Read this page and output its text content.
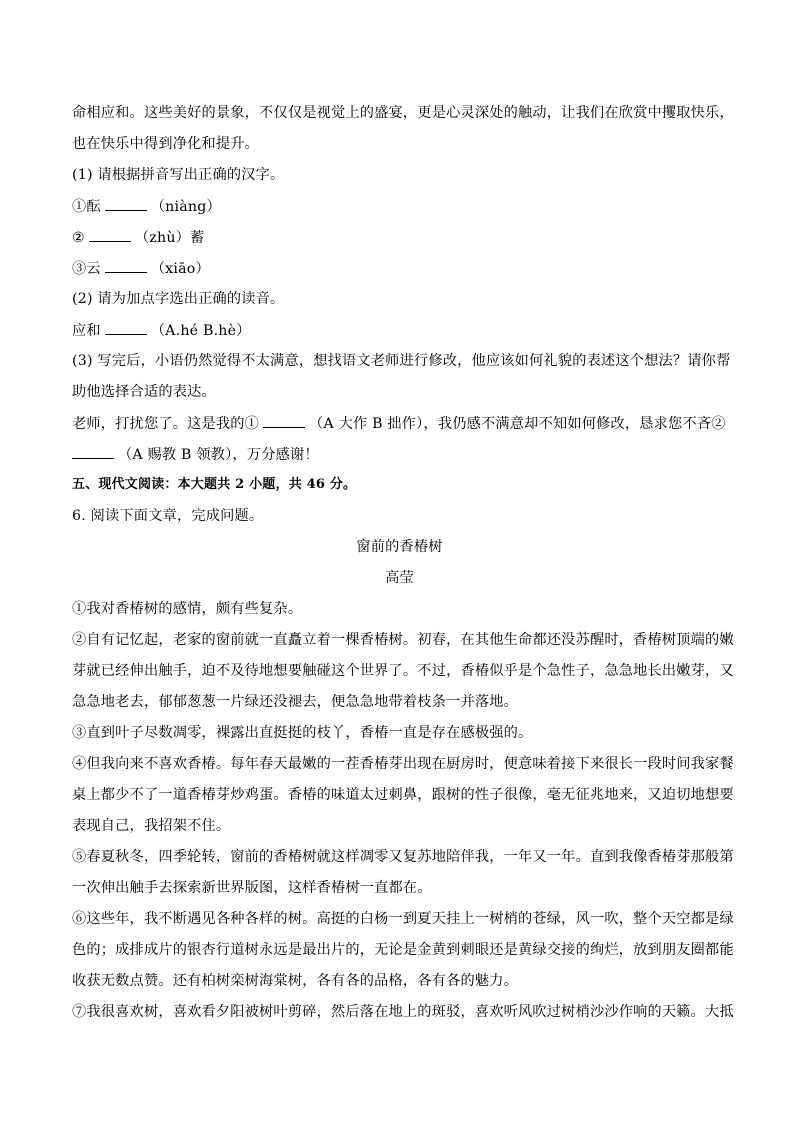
命相应和。这些美好的景象，不仅仅是视觉上的盛宴，更是心灵深处的触动，让我们在欣赏中攫取快乐，
也在快乐中得到净化和提升。
(1) 请根据拼音写出正确的汉字。
①酝	（niàng）
②	（zhù）蓄
③云	（xiāo）
(2) 请为加点字选出正确的读音。
应和	（A.hé B.hè）
(3) 写完后，小语仍然觉得不太满意，想找语文老师进行修改，他应该如何礼貌的表述这个想法？请你帮
助他选择合适的表达。
老师，打扰您了。这是我的①	（A 大作 B 拙作），我仍感不满意却不知如何修改，恳求您不吝②
（A 赐教 B 领教），万分感谢！
五、现代文阅读：本大题共 2 小题，共 46 分。
6. 阅读下面文章，完成问题。
窗前的香椿树
高莹
①我对香椿树的感情，颇有些复杂。
②自有记忆起，老家的窗前就一直矗立着一棵香椿树。初春，在其他生命都还没苏醒时，香椿树顶端的嫩
芽就已经伸出触手，迫不及待地想要触碰这个世界了。不过，香椿似乎是个急性子，急急地长出嫩芽，又
急急地老去，郁郁葱葱一片绿还没褪去，便急急地带着枝条一并落地。
③直到叶子尽数凋零，裸露出直挺挺的枝丫，香椿一直是存在感极强的。
④但我向来不喜欢香椿。每年春天最嫩的一茬香椿芽出现在厨房时，便意味着接下来很长一段时间我家餐
桌上都少不了一道香椿芽炒鸡蛋。香椿的味道太过刺鼻，跟树的性子很像，毫无征兆地来，又迫切地想要
表现自己，我招架不住。
⑤春夏秋冬，四季轮转，窗前的香椿树就这样凋零又复苏地陪伴我，一年又一年。直到我像香椿芽那般第
一次伸出触手去探索新世界版图，这样香椿树一直都在。
⑥这些年，我不断遇见各种各样的树。高挺的白杨一到夏天挂上一树梢的苍绿，风一吹，整个天空都是绿
色的；成排成片的银杏行道树永远是最出片的，无论是金黄到刺眼还是黄绿交接的绚烂，放到朋友圈都能
收获无数点赞。还有柏树栾树海棠树，各有各的品格，各有各的魅力。
⑦我很喜欢树，喜欢看夕阳被树叶剪碎，然后落在地上的斑驳，喜欢听风吹过树梢沙沙作响的天籁。大抵
